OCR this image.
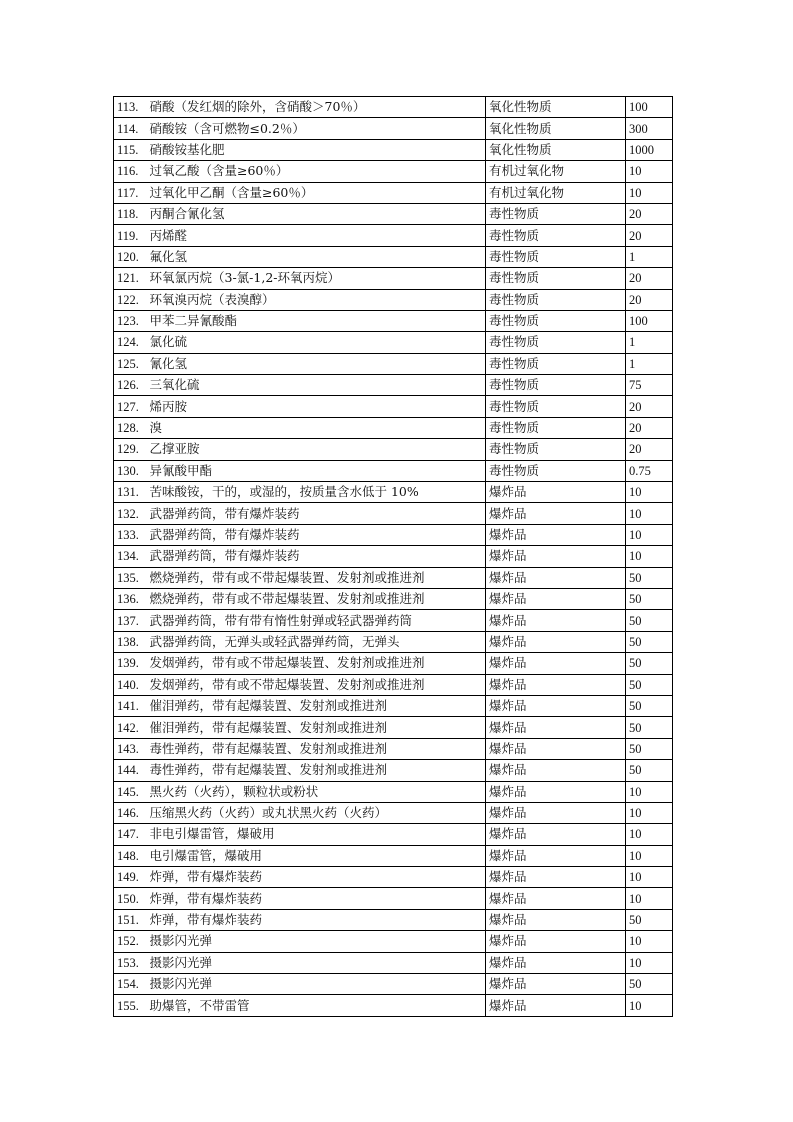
113.	硝酸（发红烟的除外，含硝酸＞70％）	氧化性物质	100
114.	硝酸铵（含可燃物≤0.2％）	氧化性物质	300
115.	硝酸铵基化肥	氧化性物质	1000
116.	过氧乙酸（含量≥60％）	有机过氧化物	10
117.	过氧化甲乙酮（含量≥60％）	有机过氧化物	10
118.	丙酮合氰化氢	毒性物质	20
119.	丙烯醛	毒性物质	20
120.	氟化氢	毒性物质	1
121.	环氧氯丙烷（3-氯-1,2-环氧丙烷）	毒性物质	20
122.	环氧溴丙烷（表溴醇）	毒性物质	20
123.	甲苯二异氰酸酯	毒性物质	100
124.	氯化硫	毒性物质	1
125.	氰化氢	毒性物质	1
126.	三氧化硫	毒性物质	75
127.	烯丙胺	毒性物质	20
128.	溴	毒性物质	20
129.	乙撑亚胺	毒性物质	20
130.	异氰酸甲酯	毒性物质	0.75
131.	苦味酸铵，干的，或湿的，按质量含水低于 10%	爆炸品	10
132.	武器弹药筒，带有爆炸装药	爆炸品	10
133.	武器弹药筒，带有爆炸装药	爆炸品	10
134.	武器弹药筒，带有爆炸装药	爆炸品	10
135.	燃烧弹药，带有或不带起爆装置、发射剂或推进剂	爆炸品	50
136.	燃烧弹药，带有或不带起爆装置、发射剂或推进剂	爆炸品	50
137.	武器弹药筒，带有带有惰性射弹或轻武器弹药筒	爆炸品	50
138.	武器弹药筒，无弹头或轻武器弹药筒，无弹头	爆炸品	50
139.	发烟弹药，带有或不带起爆装置、发射剂或推进剂	爆炸品	50
140.	发烟弹药，带有或不带起爆装置、发射剂或推进剂	爆炸品	50
141.	催泪弹药，带有起爆装置、发射剂或推进剂	爆炸品	50
142.	催泪弹药，带有起爆装置、发射剂或推进剂	爆炸品	50
143.	毒性弹药，带有起爆装置、发射剂或推进剂	爆炸品	50
144.	毒性弹药，带有起爆装置、发射剂或推进剂	爆炸品	50
145.	黑火药（火药），颗粒状或粉状	爆炸品	10
146.	压缩黑火药（火药）或丸状黑火药（火药）	爆炸品	10
147.	非电引爆雷管，爆破用	爆炸品	10
148.	电引爆雷管，爆破用	爆炸品	10
149.	炸弹，带有爆炸装药	爆炸品	10
150.	炸弹，带有爆炸装药	爆炸品	10
151.	炸弹，带有爆炸装药	爆炸品	50
152.	摄影闪光弹	爆炸品	10
153.	摄影闪光弹	爆炸品	10
154.	摄影闪光弹	爆炸品	50
155.	助爆管，不带雷管	爆炸品	10
